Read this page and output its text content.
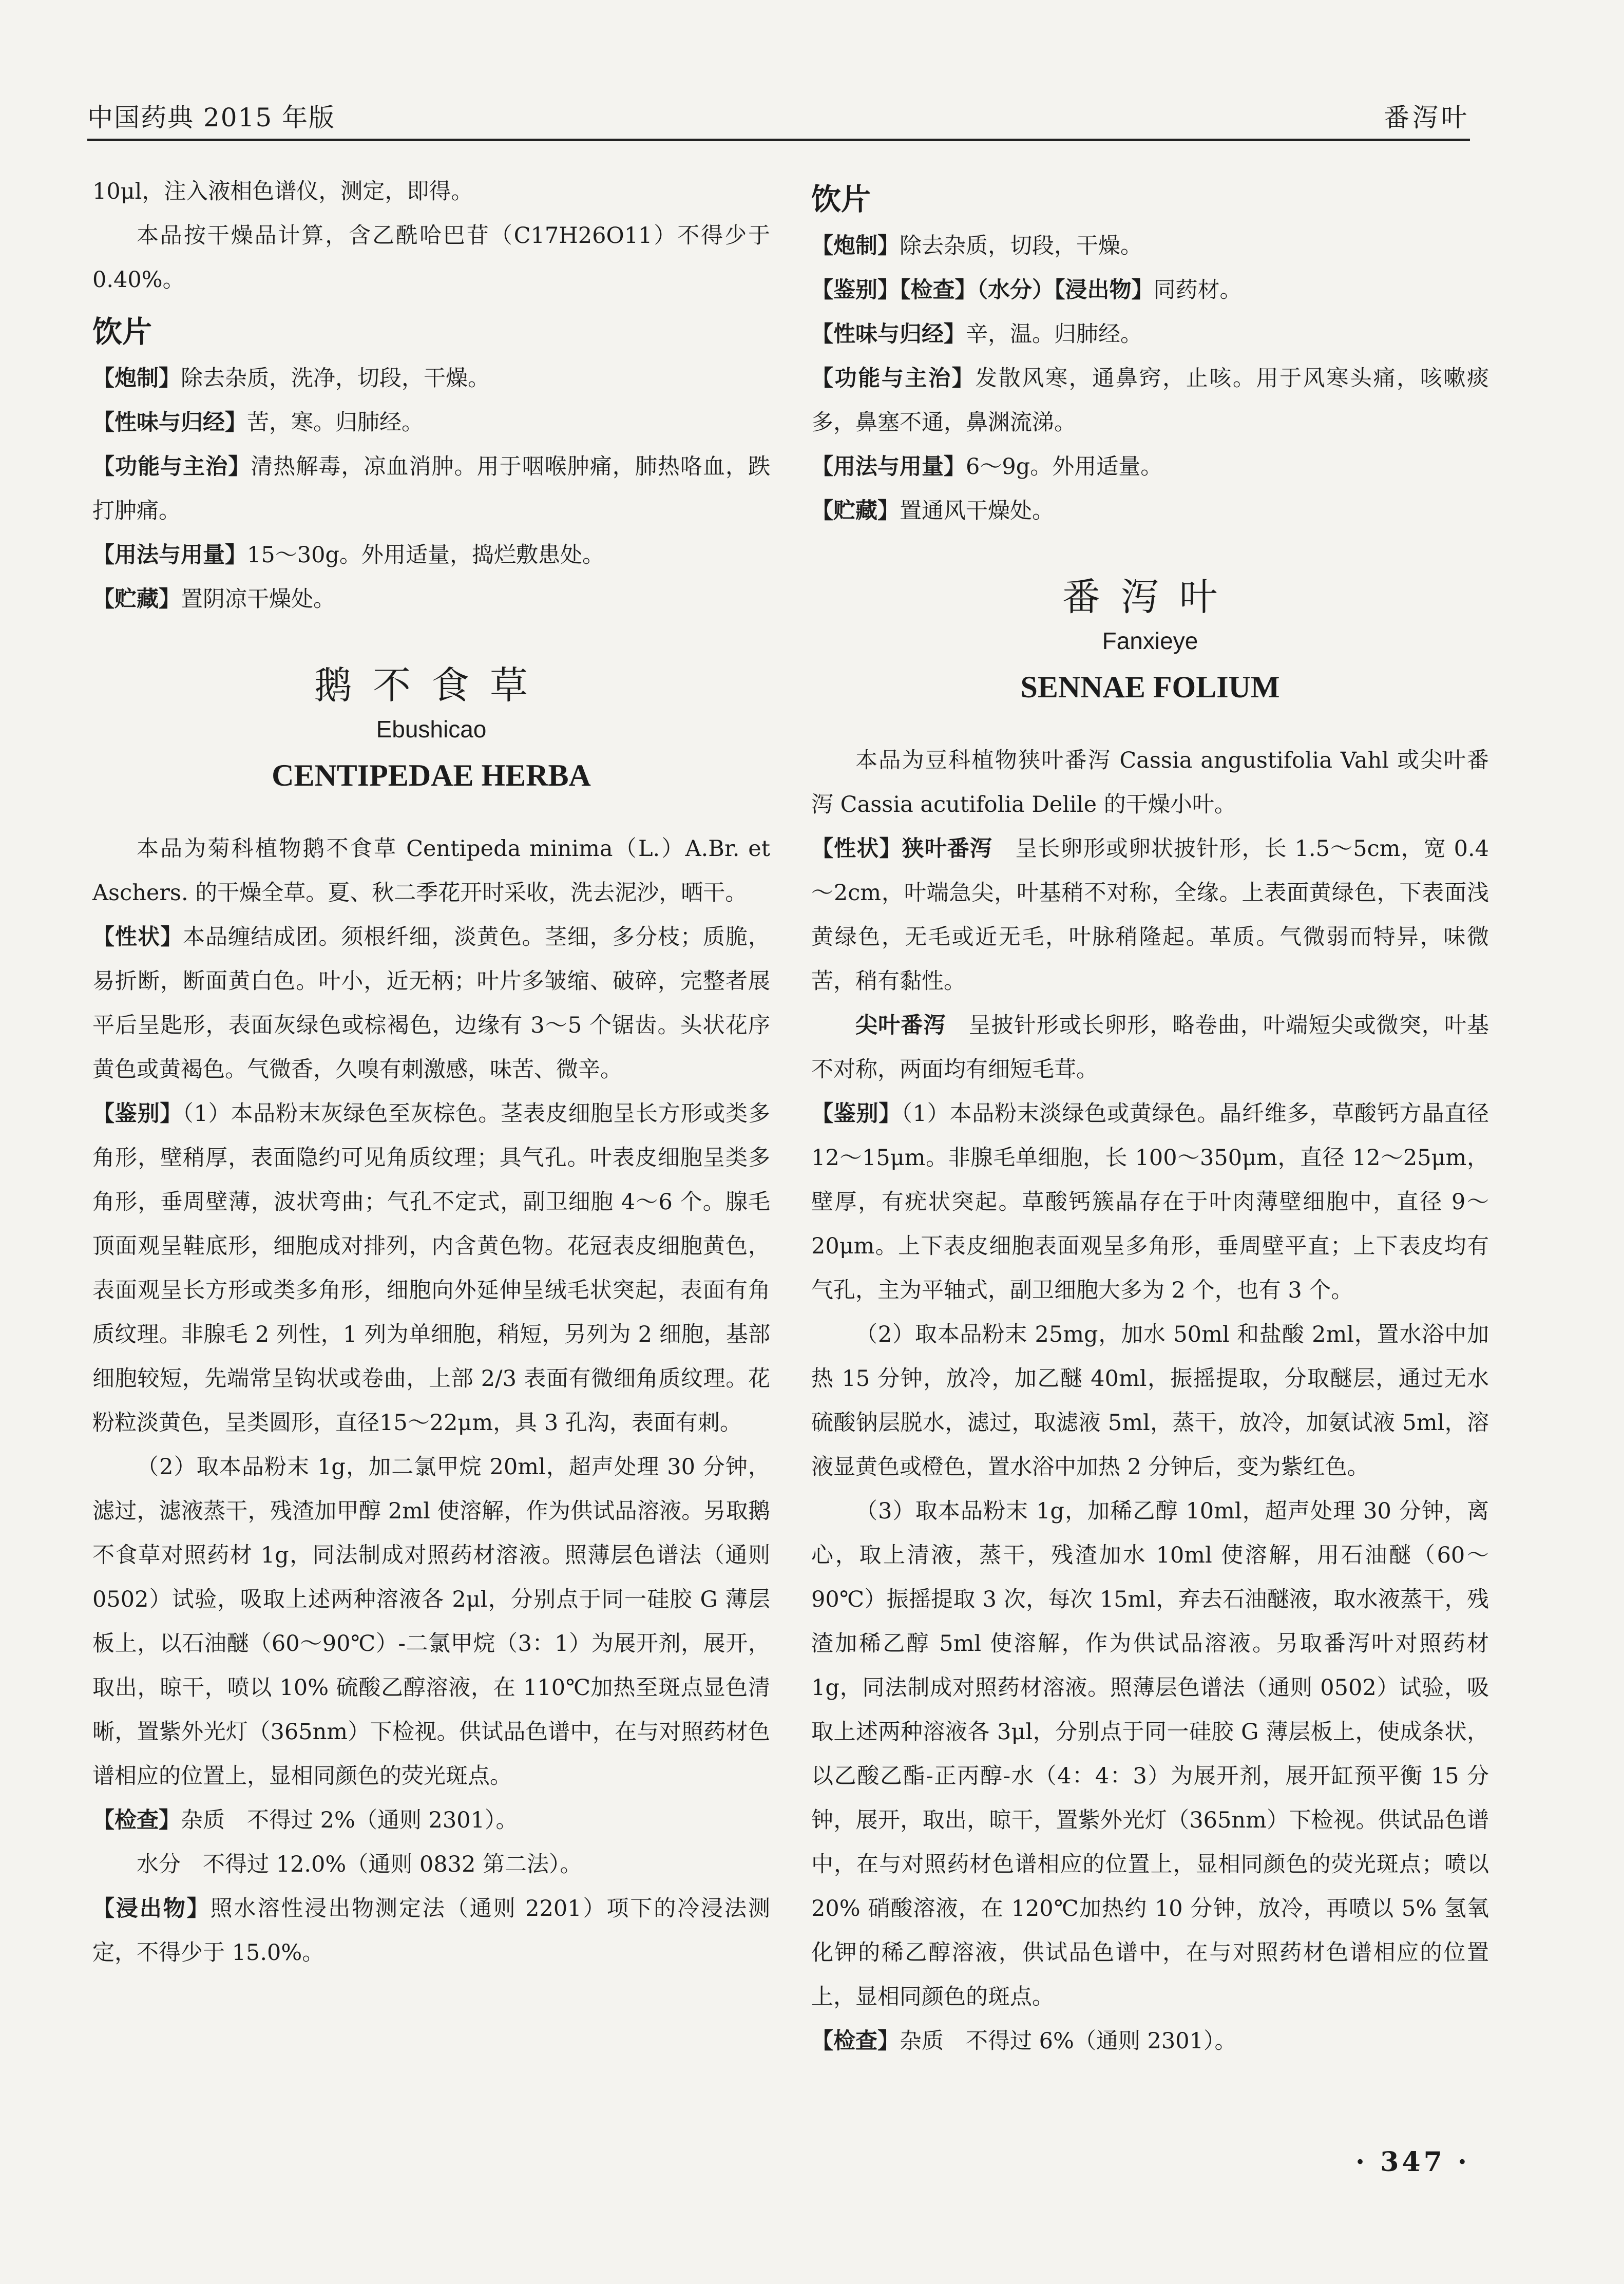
中国药典 2015 年版	番泻叶

10μl，注入液相色谱仪，测定，即得。

本品按干燥品计算，含乙酰哈巴苷（C17H26O11）不得少于 0.40%。

饮片

【炮制】除去杂质，洗净，切段，干燥。

【性味与归经】苦，寒。归肺经。

【功能与主治】清热解毒，凉血消肿。用于咽喉肿痛，肺热咯血，跌打肿痛。

【用法与用量】15～30g。外用适量，捣烂敷患处。

【贮藏】置阴凉干燥处。

鹅不食草
Ebushicao
CENTIPEDAE HERBA

本品为菊科植物鹅不食草 Centipeda minima（L.）A.Br. et Aschers. 的干燥全草。夏、秋二季花开时采收，洗去泥沙，晒干。

【性状】本品缠结成团。须根纤细，淡黄色。茎细，多分枝；质脆，易折断，断面黄白色。叶小，近无柄；叶片多皱缩、破碎，完整者展平后呈匙形，表面灰绿色或棕褐色，边缘有 3～5 个锯齿。头状花序黄色或黄褐色。气微香，久嗅有刺激感，味苦、微辛。

【鉴别】（1）本品粉末灰绿色至灰棕色。茎表皮细胞呈长方形或类多角形，壁稍厚，表面隐约可见角质纹理；具气孔。叶表皮细胞呈类多角形，垂周壁薄，波状弯曲；气孔不定式，副卫细胞 4～6 个。腺毛顶面观呈鞋底形，细胞成对排列，内含黄色物。花冠表皮细胞黄色，表面观呈长方形或类多角形，细胞向外延伸呈绒毛状突起，表面有角质纹理。非腺毛 2 列性，1 列为单细胞，稍短，另列为 2 细胞，基部细胞较短，先端常呈钩状或卷曲，上部 2/3 表面有微细角质纹理。花粉粒淡黄色，呈类圆形，直径15～22μm，具 3 孔沟，表面有刺。

（2）取本品粉末 1g，加二氯甲烷 20ml，超声处理 30 分钟，滤过，滤液蒸干，残渣加甲醇 2ml 使溶解，作为供试品溶液。另取鹅不食草对照药材 1g，同法制成对照药材溶液。照薄层色谱法（通则 0502）试验，吸取上述两种溶液各 2μl，分别点于同一硅胶 G 薄层板上，以石油醚（60～90℃）-二氯甲烷（3：1）为展开剂，展开，取出，晾干，喷以 10% 硫酸乙醇溶液，在 110℃加热至斑点显色清晰，置紫外光灯（365nm）下检视。供试品色谱中，在与对照药材色谱相应的位置上，显相同颜色的荧光斑点。

【检查】杂质　不得过 2%（通则 2301）。

水分　不得过 12.0%（通则 0832 第二法）。

【浸出物】照水溶性浸出物测定法（通则 2201）项下的冷浸法测定，不得少于 15.0%。

饮片

【炮制】除去杂质，切段，干燥。

【鉴别】【检查】（水分）【浸出物】同药材。

【性味与归经】辛，温。归肺经。

【功能与主治】发散风寒，通鼻窍，止咳。用于风寒头痛，咳嗽痰多，鼻塞不通，鼻渊流涕。

【用法与用量】6～9g。外用适量。

【贮藏】置通风干燥处。

番泻叶
Fanxieye
SENNAE FOLIUM

本品为豆科植物狭叶番泻 Cassia angustifolia Vahl 或尖叶番泻 Cassia acutifolia Delile 的干燥小叶。

【性状】狭叶番泻　 呈长卵形或卵状披针形，长 1.5～5cm，宽 0.4～2cm，叶端急尖，叶基稍不对称，全缘。上表面黄绿色，下表面浅黄绿色，无毛或近无毛，叶脉稍隆起。革质。气微弱而特异，味微苦，稍有黏性。

尖叶番泻　 呈披针形或长卵形，略卷曲，叶端短尖或微突，叶基不对称，两面均有细短毛茸。

【鉴别】（1）本品粉末淡绿色或黄绿色。晶纤维多，草酸钙方晶直径 12～15μm。非腺毛单细胞，长 100～350μm，直径 12～25μm，壁厚，有疣状突起。草酸钙簇晶存在于叶肉薄壁细胞中，直径 9～20μm。上下表皮细胞表面观呈多角形，垂周壁平直；上下表皮均有气孔，主为平轴式，副卫细胞大多为 2 个，也有 3 个。

（2）取本品粉末 25mg，加水 50ml 和盐酸 2ml，置水浴中加热 15 分钟，放冷，加乙醚 40ml，振摇提取，分取醚层，通过无水硫酸钠层脱水，滤过，取滤液 5ml，蒸干，放冷，加氨试液 5ml，溶液显黄色或橙色，置水浴中加热 2 分钟后，变为紫红色。

（3）取本品粉末 1g，加稀乙醇 10ml，超声处理 30 分钟，离心，取上清液，蒸干，残渣加水 10ml 使溶解，用石油醚（60～90℃）振摇提取 3 次，每次 15ml，弃去石油醚液，取水液蒸干，残渣加稀乙醇 5ml 使溶解，作为供试品溶液。另取番泻叶对照药材 1g，同法制成对照药材溶液。照薄层色谱法（通则 0502）试验，吸取上述两种溶液各 3μl，分别点于同一硅胶 G 薄层板上，使成条状，以乙酸乙酯-正丙醇-水（4：4：3）为展开剂，展开缸预平衡 15 分钟，展开，取出，晾干，置紫外光灯（365nm）下检视。供试品色谱中，在与对照药材色谱相应的位置上，显相同颜色的荧光斑点；喷以 20% 硝酸溶液，在 120℃加热约 10 分钟，放冷，再喷以 5% 氢氧化钾的稀乙醇溶液，供试品色谱中，在与对照药材色谱相应的位置上，显相同颜色的斑点。

【检查】杂质　不得过 6%（通则 2301）。

· 347 ·
